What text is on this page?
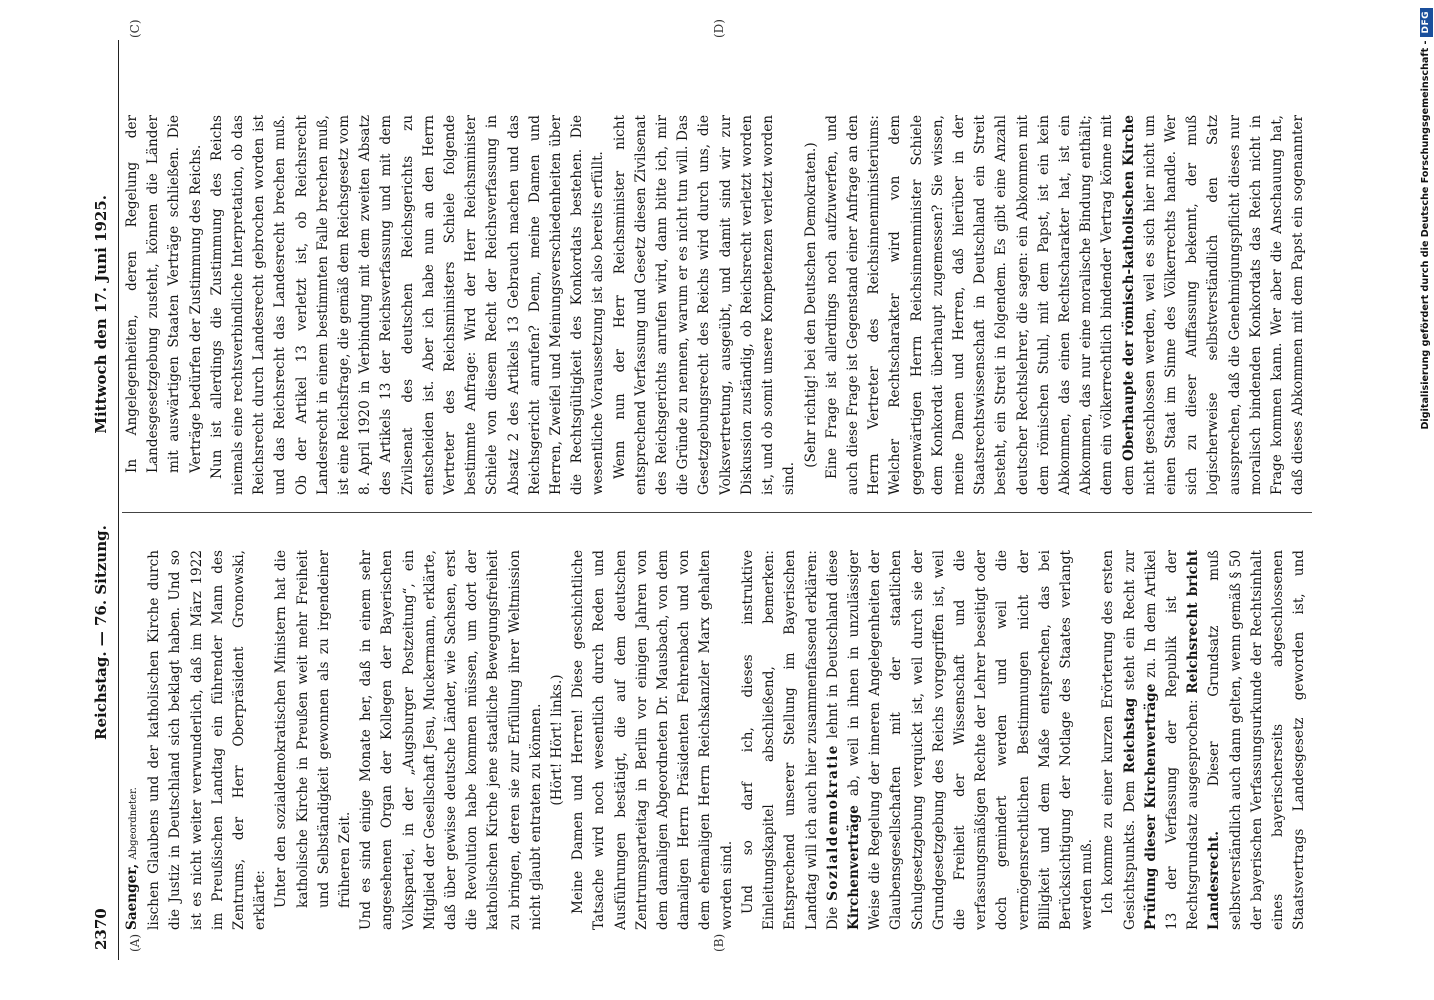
2370
Reichstag. — 76. Sitzung.
Mittwoch den 17. Juni 1925.
(A)	(B)
(C)	(D)

Saenger, Abgeordneter. lischen Glaubens und der katholischen Kirche durch die Justiz in Deutschland sich beklagt haben. Und so ist es nicht weiter verwunderlich, daß im März 1922 im Preußischen Landtag ein führender Mann des Zentrums, der Herr Oberpräsident Gronowski, erklärte: Unter den sozialdemokratischen Ministern hat die katholische Kirche in Preußen weit mehr Freiheit und Selbständigkeit gewonnen als zu irgendeiner früheren Zeit. Und es sind einige Monate her, daß in einem sehr angesehenen Organ der Kollegen der Bayerischen Volkspartei, in der „Augsburger Postzeitung“, ein Mitglied der Gesellschaft Jesu, Muckermann, erklärte, daß über gewisse deutsche Länder, wie Sachsen, erst die Revolution habe kommen müssen, um dort der katholischen Kirche jene staatliche Bewegungsfreiheit zu bringen, deren sie zur Erfüllung ihrer Weltmission nicht glaubt entraten zu können. (Hört! Hört! links.) Meine Damen und Herren! Diese geschichtliche Tatsache wird noch wesentlich durch Reden und Ausführungen bestätigt, die auf dem deutschen Zentrumsparteitag in Berlin vor einigen Jahren von dem damaligen Abgeordneten Dr. Mausbach, von dem damaligen Herrn Präsidenten Fehrenbach und von dem ehemaligen Herrn Reichskanzler Marx gehalten worden sind. Und so darf ich, dieses instruktive Einleitungskapitel abschließend, bemerken: Entsprechend unserer Stellung im Bayerischen Landtag will ich auch hier zusammenfassend erklären: Die Sozialdemokratie lehnt in Deutschland diese Kirchenverträge ab, weil in ihnen in unzulässiger Weise die Regelung der inneren Angelegenheiten der Glaubensgesellschaften mit der staatlichen Schulgesetzgebung verquickt ist, weil durch sie der Grundgesetzgebung des Reichs vorgegriffen ist, weil die Freiheit der Wissenschaft und die verfassungsmäßigen Rechte der Lehrer beseitigt oder doch gemindert werden und weil die vermögensrechtlichen Bestimmungen nicht der Billigkeit und dem Maße entsprechen, das bei Berücksichtigung der Notlage des Staates verlangt werden muß. Ich komme zu einer kurzen Erörterung des ersten Gesichtspunkts. Dem Reichstag steht ein Recht zur Prüfung dieser Kirchenverträge zu. In dem Artikel 13 der Verfassung der Republik ist der Rechtsgrundsatz ausgesprochen: Reichsrecht bricht Landesrecht. Dieser Grundsatz muß selbstverständlich auch dann gelten, wenn gemäß § 50 der bayerischen Verfassungsurkunde der Rechtsinhalt eines bayerischerseits abgeschlossenen Staatsvertrags Landesgesetz geworden ist, und

In Angelegenheiten, deren Regelung der Landesgesetzgebung zusteht, können die Länder mit auswärtigen Staaten Verträge schließen. Die Verträge bedürfen der Zustimmung des Reichs. Nun ist allerdings die Zustimmung des Reichs niemals eine rechtsverbindliche Interpretation, ob das Reichsrecht durch Landesrecht gebrochen worden ist und das Reichsrecht das Landesrecht brechen muß. Ob der Artikel 13 verletzt ist, ob Reichsrecht Landesrecht in einem bestimmten Falle brechen muß, ist eine Reichsfrage, die gemäß dem Reichsgesetz vom 8. April 1920 in Verbindung mit dem zweiten Absatz des Artikels 13 der Reichsverfassung und mit dem Zivilsenat des deutschen Reichsgerichts zu entscheiden ist. Aber ich habe nun an den Herrn Vertreter des Reichsministers Schiele folgende bestimmte Anfrage: Wird der Herr Reichsminister Schiele von diesem Recht der Reichsverfassung in Absatz 2 des Artikels 13 Gebrauch machen und das Reichsgericht anrufen? Denn, meine Damen und Herren, Zweifel und Meinungsverschiedenheiten über die Rechtsgültigkeit des Konkordats bestehen. Die wesentliche Voraussetzung ist also bereits erfüllt. Wenn nun der Herr Reichsminister nicht entsprechend Verfassung und Gesetz diesen Zivilsenat des Reichsgerichts anrufen wird, dann bitte ich, mir die Gründe zu nennen, warum er es nicht tun will. Das Gesetzgebungsrecht des Reichs wird durch uns, die Volksvertretung, ausgeübt, und damit sind wir zur Diskussion zuständig, ob Reichsrecht verletzt worden ist, und ob somit unsere Kompetenzen verletzt worden sind.

(Sehr richtig! bei den Deutschen Demokraten.) Eine Frage ist allerdings noch aufzuwerfen, und auch diese Frage ist Gegenstand einer Anfrage an den Herrn Vertreter des Reichsinnenministeriums: Welcher Rechtscharakter wird von dem gegenwärtigen Herrn Reichsinnenminister Schiele dem Konkordat überhaupt zugemessen? Sie wissen, meine Damen und Herren, daß hierüber in der Staatsrechtswissenschaft in Deutschland ein Streit besteht, ein Streit in folgendem. Es gibt eine Anzahl deutscher Rechtslehrer, die sagen: ein Abkommen mit dem römischen Stuhl, mit dem Papst, ist ein kein Abkommen, das einen Rechtscharakter hat, ist ein Abkommen, das nur eine moralische Bindung enthält; denn ein völkerrechtlich bindender Vertrag könne mit dem Oberhaupte der römisch-katholischen Kirche nicht geschlossen werden, weil es sich hier nicht um einen Staat im Sinne des Völkerrechts handle. Wer sich zu dieser Auffassung bekennt, der muß logischerweise selbstverständlich den Satz aussprechen, daß die Genehmigungspflicht dieses nur moralisch bindenden Konkordats das Reich nicht in Frage kommen kann. Wer aber die Anschauung hat, daß dieses Abkommen mit dem Papst ein sogenannter	Digitalisierung gefördert durch die Deutsche Forschungsgemeinschaft -
DFG
